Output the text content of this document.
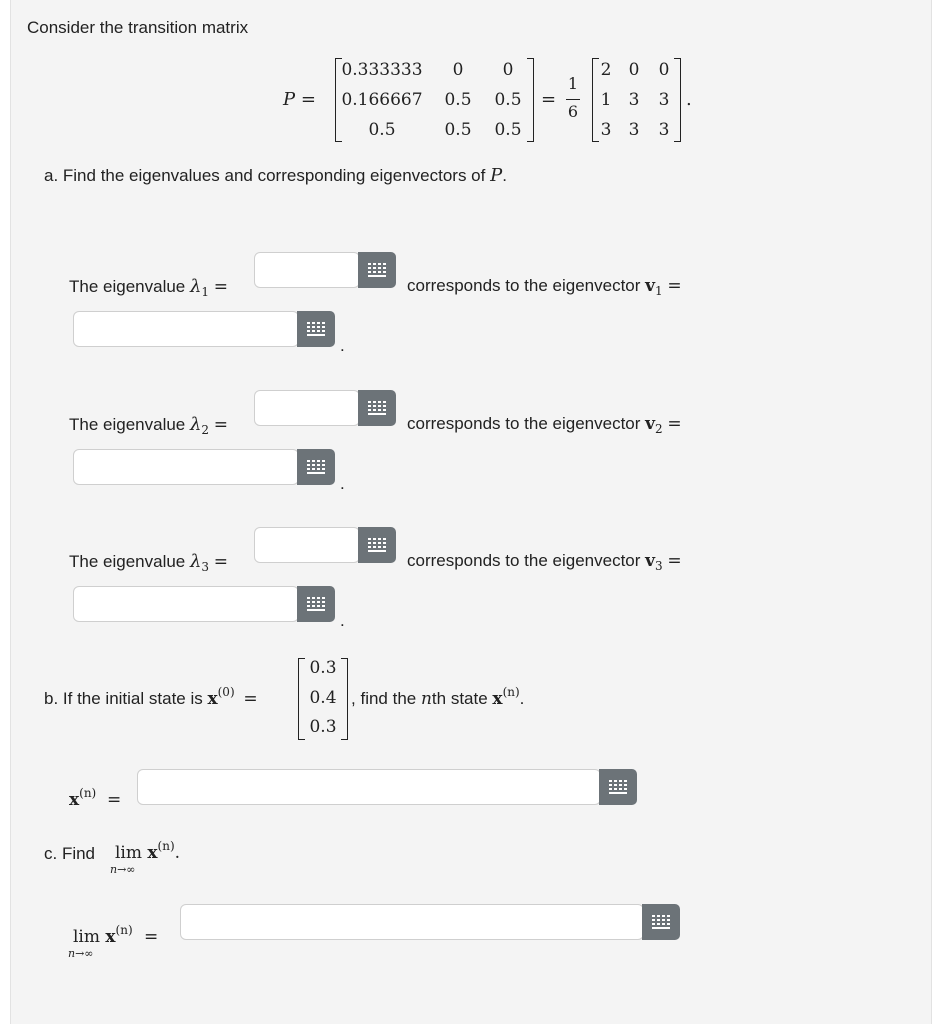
Consider the transition matrix
P =
0.333333	0	0
0.166667 0.5 0.5
0.5	0.5 0.5
=
1
6
2 0 0
1 3 3
3 3 3
.
a. Find the eigenvalues and corresponding eigenvectors of P.
The eigenvalue $\lambda_1$ =	corresponds to the eigenvector $v_1$ =
.
The eigenvalue $\lambda_2$ =	corresponds to the eigenvector $v_2$ =
.
The eigenvalue $\lambda_3$ =	corresponds to the eigenvector $v_3$ =
.
b. If the initial state is $x^{(0)}$ =
0.3
0.4
0.3
, find the nth state $x^{(n)}$.
$x^{(n)}$ =
c. Find $\lim x^{(n)}$.
n→∞
$\lim x^{(n)}$ =
n→∞
